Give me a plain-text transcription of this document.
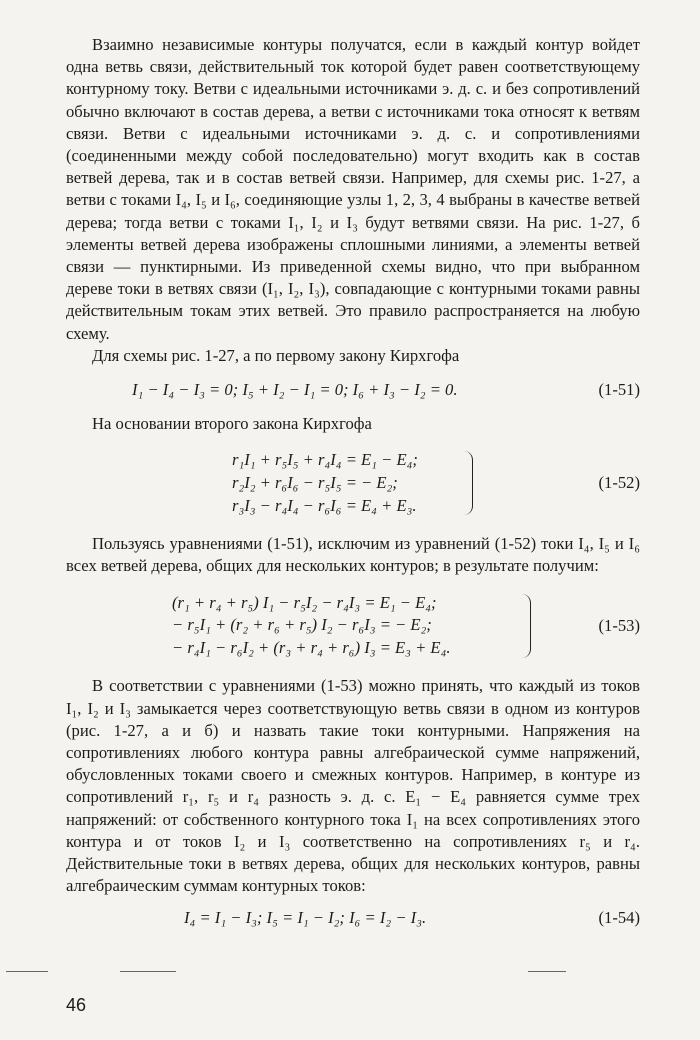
Взаимно независимые контуры получатся, если в каждый контур войдет одна ветвь связи, действительный ток которой будет равен соответствующему контурному току. Ветви с идеальными источниками э. д. с. и без сопротивлений обычно включают в состав дерева, а ветви с источниками тока относят к ветвям связи. Ветви с идеальными источниками э. д. с. и сопротивлениями (соединенными между собой последовательно) могут входить как в состав ветвей дерева, так и в состав ветвей связи. Например, для схемы рис. 1-27, а ветви с токами I₄, I₅ и I₆, соединяющие узлы 1, 2, 3, 4 выбраны в качестве ветвей дерева; тогда ветви с токами I₁, I₂ и I₃ будут ветвями связи. На рис. 1-27, б элементы ветвей дерева изображены сплошными линиями, а элементы ветвей связи — пунктирными. Из приведенной схемы видно, что при выбранном дереве токи в ветвях связи (I₁, I₂, I₃), совпадающие с контурными токами равны действительным токам этих ветвей. Это правило распространяется на любую схему.

Для схемы рис. 1-27, а по первому закону Кирхгофа

I₁ − I₄ − I₃ = 0; I₅ + I₂ − I₁ = 0; I₆ + I₃ − I₂ = 0.	(1-51)

На основании второго закона Кирхгофа

r₁I₁ + r₅I₅ + r₄I₄ = E₁ − E₄;
r₂I₂ + r₆I₆ − r₅I₅ = − E₂;
r₃I₃ − r₄I₄ − r₆I₆ = E₄ + E₃.
(1-52)

Пользуясь уравнениями (1-51), исключим из уравнений (1-52) токи I₄, I₅ и I₆ всех ветвей дерева, общих для нескольких контуров; в результате получим:

(r₁ + r₄ + r₅) I₁ − r₅I₂ − r₄I₃ = E₁ − E₄;
− r₅I₁ + (r₂ + r₆ + r₅) I₂ − r₆I₃ = − E₂;
− r₄I₁ − r₆I₂ + (r₃ + r₄ + r₆) I₃ = E₃ + E₄.
(1-53)

В соответствии с уравнениями (1-53) можно принять, что каждый из токов I₁, I₂ и I₃ замыкается через соответствующую ветвь связи в одном из контуров (рис. 1-27, а и б) и назвать такие токи контурными. Напряжения на сопротивлениях любого контура равны алгебраической сумме напряжений, обусловленных токами своего и смежных контуров. Например, в контуре из сопротивлений r₁, r₅ и r₄ разность э. д. с. E₁ − E₄ равняется сумме трех напряжений: от собственного контурного тока I₁ на всех сопротивлениях этого контура и от токов I₂ и I₃ соответственно на сопротивлениях r₅ и r₄. Действительные токи в ветвях дерева, общих для нескольких контуров, равны алгебраическим суммам контурных токов:

I₄ = I₁ − I₃; I₅ = I₁ − I₂; I₆ = I₂ − I₃.	(1-54)
46
